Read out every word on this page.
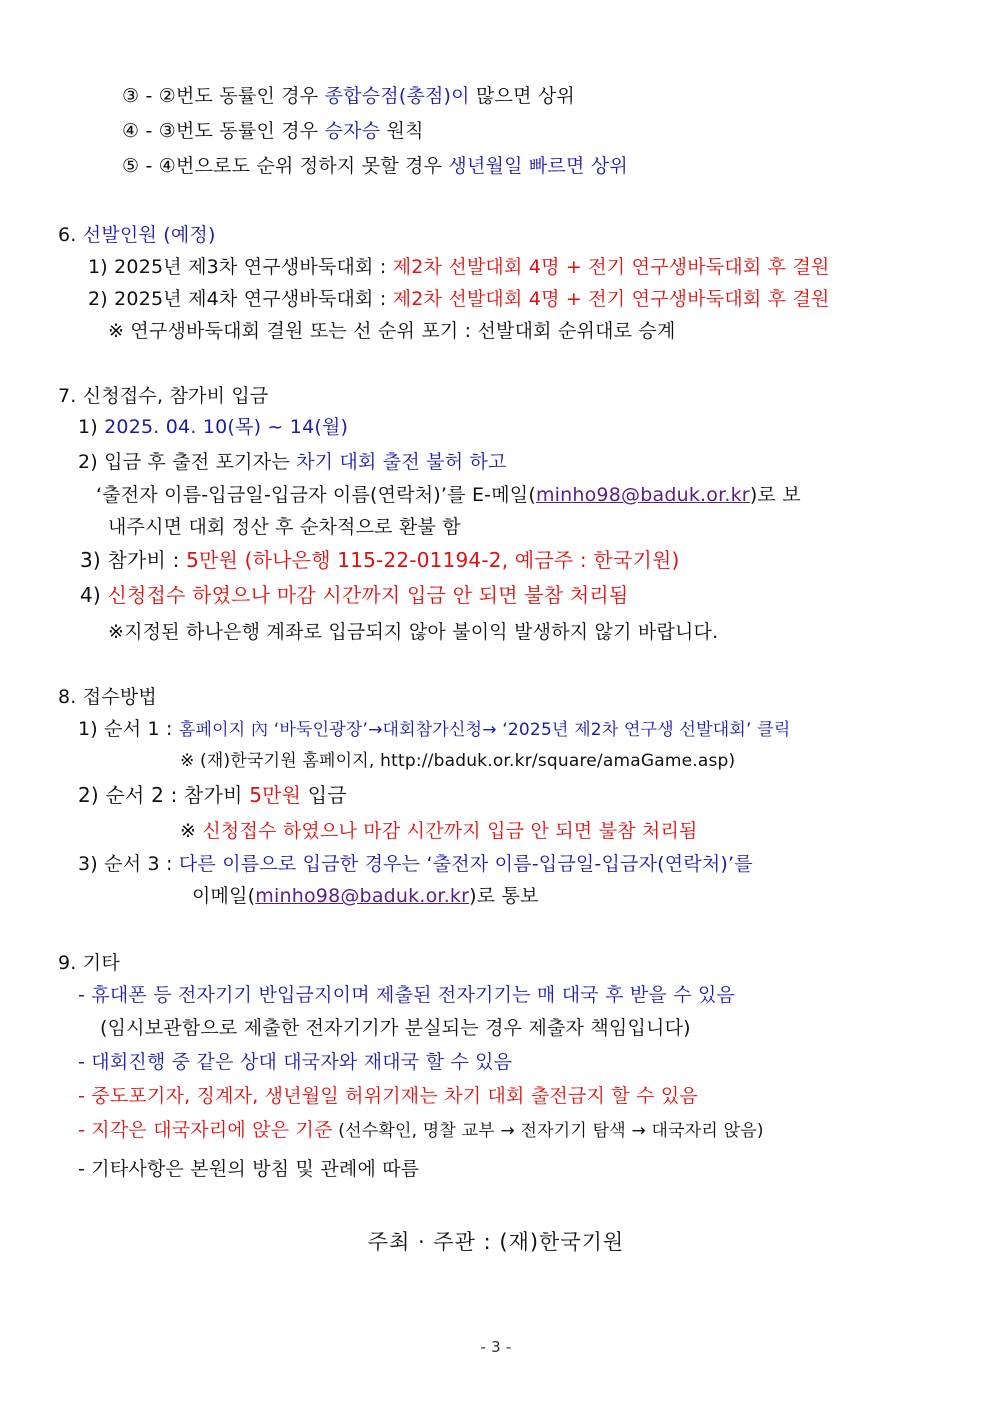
③ - ②번도 동률인 경우 종합승점(총점)이 많으면 상위
④ - ③번도 동률인 경우 승자승 원칙
⑤ - ④번으로도 순위 정하지 못할 경우 생년월일 빠르면 상위
6. 선발인원 (예정)
1) 2025년 제3차 연구생바둑대회 : 제2차 선발대회 4명 + 전기 연구생바둑대회 후 결원
2) 2025년 제4차 연구생바둑대회 : 제2차 선발대회 4명 + 전기 연구생바둑대회 후 결원
※ 연구생바둑대회 결원 또는 선 순위 포기 : 선발대회 순위대로 승계
7. 신청접수, 참가비 입금
1) 2025. 04. 10(목) ~ 14(월)
2) 입금 후 출전 포기자는 차기 대회 출전 불허 하고
‘출전자 이름-입금일-입금자 이름(연락처)’를 E-메일(minho98@baduk.or.kr)로 보
내주시면 대회 정산 후 순차적으로 환불 함
3) 참가비 : 5만원 (하나은행 115-22-01194-2, 예금주 : 한국기원)
4) 신청접수 하였으나 마감 시간까지 입금 안 되면 불참 처리됨
※지정된 하나은행 계좌로 입금되지 않아 불이익 발생하지 않기 바랍니다.
8. 접수방법
1) 순서 1 : 홈페이지 內 ‘바둑인광장’→대회참가신청→ ‘2025년 제2차 연구생 선발대회’ 클릭
※ (재)한국기원 홈페이지, http://baduk.or.kr/square/amaGame.asp)
2) 순서 2 : 참가비 5만원 입금
※ 신청접수 하였으나 마감 시간까지 입금 안 되면 불참 처리됨
3) 순서 3 : 다른 이름으로 입금한 경우는 ‘출전자 이름-입금일-입금자(연락처)’를
이메일(minho98@baduk.or.kr)로 통보
9. 기타
- 휴대폰 등 전자기기 반입금지이며 제출된 전자기기는 매 대국 후 받을 수 있음
(임시보관함으로 제출한 전자기기가 분실되는 경우 제출자 책임입니다)
- 대회진행 중 같은 상대 대국자와 재대국 할 수 있음
- 중도포기자, 징계자, 생년월일 허위기재는 차기 대회 출전금지 할 수 있음
- 지각은 대국자리에 앉은 기준 (선수확인, 명찰 교부 → 전자기기 탐색 → 대국자리 앉음)
- 기타사항은 본원의 방침 및 관례에 따름
주최 · 주관 : (재)한국기원
- 3 -
